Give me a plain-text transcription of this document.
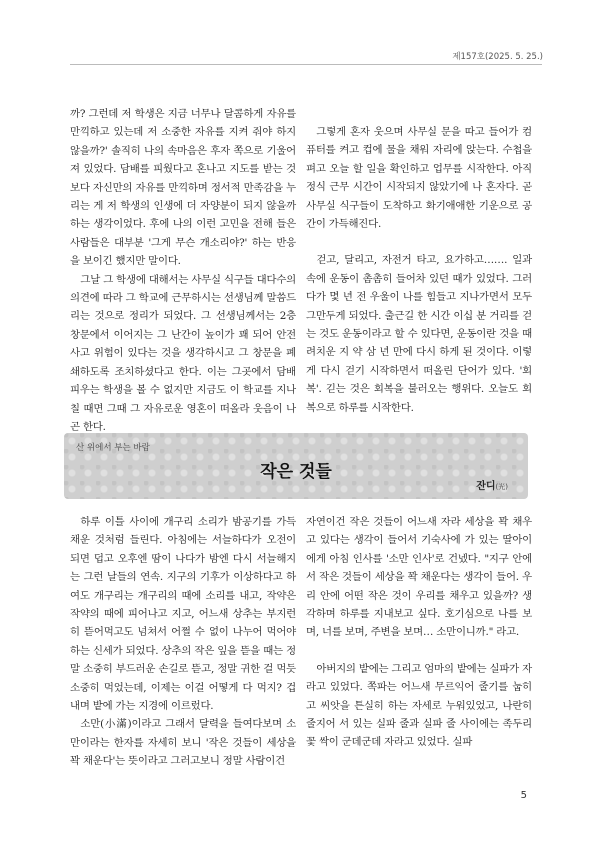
제157호(2025. 5. 25.)

까? 그런데 저 학생은 지금 너무나 달콤하게 자유를 만끽하고 있는데 저 소중한 자유를 지켜 줘야 하지 않을까?' 솔직히 나의 속마음은 후자 쪽으로 기울어져 있었다. 담배를 피웠다고 혼나고 지도를 받는 것보다 자신만의 자유를 만끽하며 정서적 만족감을 누리는 게 저 학생의 인생에 더 자양분이 되지 않을까 하는 생각이었다. 후에 나의 이런 고민을 전해 들은 사람들은 대부분 '그게 무슨 개소리야?' 하는 반응을 보이긴 했지만 말이다.

그날 그 학생에 대해서는 사무실 식구들 대다수의 의견에 따라 그 학교에 근무하시는 선생님께 말씀드리는 것으로 정리가 되었다. 그 선생님께서는 2층 창문에서 이어지는 그 난간이 높이가 꽤 되어 안전사고 위험이 있다는 것을 생각하시고 그 창문을 폐쇄하도록 조치하셨다고 한다. 이는 그곳에서 담배 피우는 학생을 볼 수 없지만 지금도 이 학교를 지나칠 때면 그때 그 자유로운 영혼이 떠올라 웃음이 나곤 한다.

그렇게 혼자 웃으며 사무실 문을 따고 들어가 컴퓨터를 켜고 컵에 물을 채워 자리에 앉는다. 수첩을 펴고 오늘 할 일을 확인하고 업무를 시작한다. 아직 정식 근무 시간이 시작되지 않았기에 나 혼자다. 곧 사무실 식구들이 도착하고 화기애애한 기운으로 공간이 가득해진다.

걷고, 달리고, 자전거 타고, 요가하고……. 일과 속에 운동이 촘촘히 들어차 있던 때가 있었다. 그러다가 몇 년 전 우울이 나를 힘들고 지나가면서 모두 그만두게 되었다. 출근길 한 시간 이십 분 거리를 걷는 것도 운동이라고 할 수 있다면, 운동이란 것을 때려치운 지 약 삼 년 만에 다시 하게 된 것이다. 이렇게 다시 걷기 시작하면서 떠올린 단어가 있다. '회복'. 긷는 것은 회복을 불러오는 행위다. 오늘도 회복으로 하루를 시작한다.

산 위에서 부는 바람
작은 것들
잔디(光)

하루 이틀 사이에 개구리 소리가 밤공기를 가득 채운 것처럼 들린다. 아침에는 서늘하다가 오전이 되면 덥고 오후엔 땀이 나다가 밤엔 다시 서늘해지는 그런 날들의 연속. 지구의 기후가 이상하다고 하여도 개구리는 개구리의 때에 소리를 내고, 작약은 작약의 때에 피어나고 지고, 어느새 상추는 부지런히 뜯어먹고도 넘쳐서 어쩔 수 없이 나누어 먹어야 하는 신세가 되었다. 상추의 작은 잎을 뜯을 때는 정말 소중히 부드러운 손길로 뜯고, 정말 귀한 걸 먹듯 소중히 먹었는데, 이제는 이걸 어떻게 다 먹지? 겁내며 밭에 가는 지경에 이르렀다.

소만(小滿)이라고 그래서 달력을 들여다보며 소만이라는 한자를 자세히 보니 '작은 것들이 세상을 꽉 채운다'는 뜻이라고 그러고보니 정말 사람이건

자연이건 작은 것들이 어느새 자라 세상을 꽉 채우고 있다는 생각이 들어서 기숙사에 가 있는 딸아이에게 아침 인사를 '소만 인사'로 건넸다. "지구 안에서 작은 것들이 세상을 꽉 채운다는 생각이 들어. 우리 안에 어떤 작은 것이 우리를 채우고 있을까? 생각하며 하루를 지내보고 싶다. 호기심으로 나를 보며, 너를 보며, 주변을 보며… 소만이니까." 라고.

아버지의 밭에는 그리고 엄마의 밭에는 실파가 자라고 있었다. 쪽파는 어느새 무르익어 줄기를 눕히고 씨앗을 튼실히 하는 자세로 누워있었고, 나란히 줄지어 서 있는 실파 줄과 실파 줄 사이에는 족두리꽃 싹이 군데군데 자라고 있었다. 실파

5
